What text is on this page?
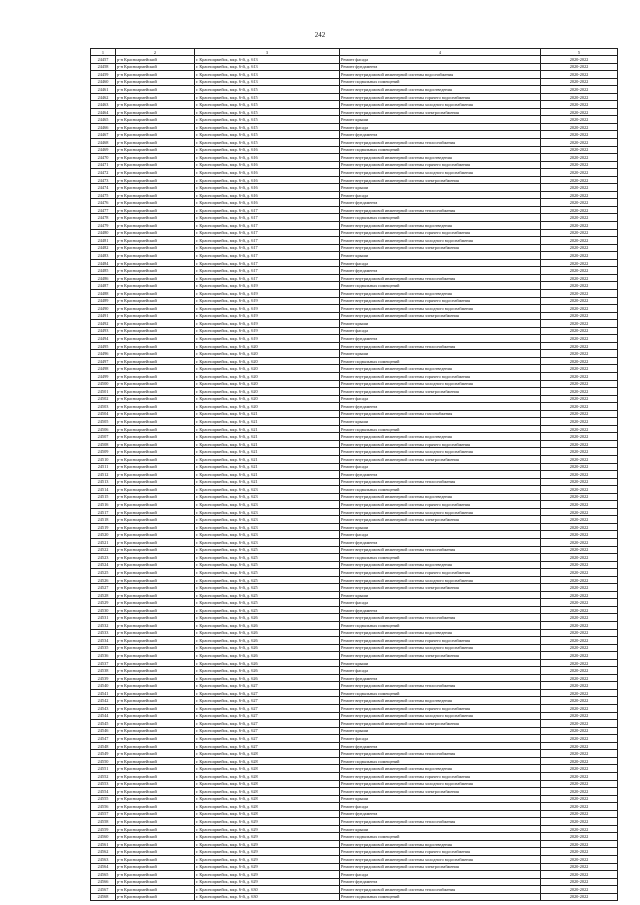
242
1	2	3	4	5
24457	р-н Красноармейский	г. Красноармейск, мкр. 6-й, д. 613	Ремонт фасада	2020-2022
24458	р-н Красноармейский	г. Красноармейск, мкр. 6-й, д. 613	Ремонт фундамента	2020-2022
24459	р-н Красноармейский	г. Красноармейск, мкр. 6-й, д. 613	Ремонт внутридомовой инженерной системы водоснабжения	2020-2022
24460	р-н Красноармейский	г. Красноармейск, мкр. 6-й, д. 613	Ремонт подвальных помещений	2020-2022
24461	р-н Красноармейский	г. Красноармейск, мкр. 6-й, д. 615	Ремонт внутридомовой инженерной системы водоотведения	2020-2022
24462	р-н Красноармейский	г. Красноармейск, мкр. 6-й, д. 615	Ремонт внутридомовой инженерной системы горячего водоснабжения	2020-2022
24463	р-н Красноармейский	г. Красноармейск, мкр. 6-й, д. 615	Ремонт внутридомовой инженерной системы холодного водоснабжения	2020-2022
24464	р-н Красноармейский	г. Красноармейск, мкр. 6-й, д. 615	Ремонт внутридомовой инженерной системы электроснабжения	2020-2022
24465	р-н Красноармейский	г. Красноармейск, мкр. 6-й, д. 615	Ремонт крыши	2020-2022
24466	р-н Красноармейский	г. Красноармейск, мкр. 6-й, д. 615	Ремонт фасада	2020-2022
24467	р-н Красноармейский	г. Красноармейск, мкр. 6-й, д. 615	Ремонт фундамента	2020-2022
24468	р-н Красноармейский	г. Красноармейск, мкр. 6-й, д. 615	Ремонт внутридомовой инженерной системы теплоснабжения	2020-2022
24469	р-н Красноармейский	г. Красноармейск, мкр. 6-й, д. 616	Ремонт подвальных помещений	2020-2022
24470	р-н Красноармейский	г. Красноармейск, мкр. 6-й, д. 616	Ремонт внутридомовой инженерной системы водоотведения	2020-2022
24471	р-н Красноармейский	г. Красноармейск, мкр. 6-й, д. 616	Ремонт внутридомовой инженерной системы горячего водоснабжения	2020-2022
24472	р-н Красноармейский	г. Красноармейск, мкр. 6-й, д. 616	Ремонт внутридомовой инженерной системы холодного водоснабжения	2020-2022
24473	р-н Красноармейский	г. Красноармейск, мкр. 6-й, д. 616	Ремонт внутридомовой инженерной системы электроснабжения	2020-2022
24474	р-н Красноармейский	г. Красноармейск, мкр. 6-й, д. 616	Ремонт крыши	2020-2022
24475	р-н Красноармейский	г. Красноармейск, мкр. 6-й, д. 616	Ремонт фасада	2020-2022
24476	р-н Красноармейский	г. Красноармейск, мкр. 6-й, д. 616	Ремонт фундамента	2020-2022
24477	р-н Красноармейский	г. Красноармейск, мкр. 6-й, д. 617	Ремонт внутридомовой инженерной системы теплоснабжения	2020-2022
24478	р-н Красноармейский	г. Красноармейск, мкр. 6-й, д. 617	Ремонт подвальных помещений	2020-2022
24479	р-н Красноармейский	г. Красноармейск, мкр. 6-й, д. 617	Ремонт внутридомовой инженерной системы водоотведения	2020-2022
24480	р-н Красноармейский	г. Красноармейск, мкр. 6-й, д. 617	Ремонт внутридомовой инженерной системы горячего водоснабжения	2020-2022
24481	р-н Красноармейский	г. Красноармейск, мкр. 6-й, д. 617	Ремонт внутридомовой инженерной системы холодного водоснабжения	2020-2022
24482	р-н Красноармейский	г. Красноармейск, мкр. 6-й, д. 617	Ремонт внутридомовой инженерной системы электроснабжения	2020-2022
24483	р-н Красноармейский	г. Красноармейск, мкр. 6-й, д. 617	Ремонт крыши	2020-2022
24484	р-н Красноармейский	г. Красноармейск, мкр. 6-й, д. 617	Ремонт фасада	2020-2022
24485	р-н Красноармейский	г. Красноармейск, мкр. 6-й, д. 617	Ремонт фундамента	2020-2022
24486	р-н Красноармейский	г. Красноармейск, мкр. 6-й, д. 617	Ремонт внутридомовой инженерной системы теплоснабжения	2020-2022
24487	р-н Красноармейский	г. Красноармейск, мкр. 6-й, д. 619	Ремонт подвальных помещений	2020-2022
24488	р-н Красноармейский	г. Красноармейск, мкр. 6-й, д. 619	Ремонт внутридомовой инженерной системы водоотведения	2020-2022
24489	р-н Красноармейский	г. Красноармейск, мкр. 6-й, д. 619	Ремонт внутридомовой инженерной системы горячего водоснабжения	2020-2022
24490	р-н Красноармейский	г. Красноармейск, мкр. 6-й, д. 619	Ремонт внутридомовой инженерной системы холодного водоснабжения	2020-2022
24491	р-н Красноармейский	г. Красноармейск, мкр. 6-й, д. 619	Ремонт внутридомовой инженерной системы электроснабжения	2020-2022
24492	р-н Красноармейский	г. Красноармейск, мкр. 6-й, д. 619	Ремонт крыши	2020-2022
24493	р-н Красноармейский	г. Красноармейск, мкр. 6-й, д. 619	Ремонт фасада	2020-2022
24494	р-н Красноармейский	г. Красноармейск, мкр. 6-й, д. 619	Ремонт фундамента	2020-2022
24495	р-н Красноармейский	г. Красноармейск, мкр. 6-й, д. 620	Ремонт внутридомовой инженерной системы теплоснабжения	2020-2022
24496	р-н Красноармейский	г. Красноармейск, мкр. 6-й, д. 620	Ремонт крыши	2020-2022
24497	р-н Красноармейский	г. Красноармейск, мкр. 6-й, д. 620	Ремонт подвальных помещений	2020-2022
24498	р-н Красноармейский	г. Красноармейск, мкр. 6-й, д. 620	Ремонт внутридомовой инженерной системы водоотведения	2020-2022
24499	р-н Красноармейский	г. Красноармейск, мкр. 6-й, д. 620	Ремонт внутридомовой инженерной системы горячего водоснабжения	2020-2022
24500	р-н Красноармейский	г. Красноармейск, мкр. 6-й, д. 620	Ремонт внутридомовой инженерной системы холодного водоснабжения	2020-2022
24501	р-н Красноармейский	г. Красноармейск, мкр. 6-й, д. 620	Ремонт внутридомовой инженерной системы электроснабжения	2020-2022
24502	р-н Красноармейский	г. Красноармейск, мкр. 6-й, д. 620	Ремонт фасада	2020-2022
24503	р-н Красноармейский	г. Красноармейск, мкр. 6-й, д. 620	Ремонт фундамента	2020-2022
24504	р-н Красноармейский	г. Красноармейск, мкр. 6-й, д. 621	Ремонт внутридомовой инженерной системы газоснабжения	2020-2022
24505	р-н Красноармейский	г. Красноармейск, мкр. 6-й, д. 621	Ремонт крыши	2020-2022
24506	р-н Красноармейский	г. Красноармейск, мкр. 6-й, д. 621	Ремонт подвальных помещений	2020-2022
24507	р-н Красноармейский	г. Красноармейск, мкр. 6-й, д. 621	Ремонт внутридомовой инженерной системы водоотведения	2020-2022
24508	р-н Красноармейский	г. Красноармейск, мкр. 6-й, д. 621	Ремонт внутридомовой инженерной системы горячего водоснабжения	2020-2022
24509	р-н Красноармейский	г. Красноармейск, мкр. 6-й, д. 621	Ремонт внутридомовой инженерной системы холодного водоснабжения	2020-2022
24510	р-н Красноармейский	г. Красноармейск, мкр. 6-й, д. 621	Ремонт внутридомовой инженерной системы электроснабжения	2020-2022
24511	р-н Красноармейский	г. Красноармейск, мкр. 6-й, д. 621	Ремонт фасада	2020-2022
24512	р-н Красноармейский	г. Красноармейск, мкр. 6-й, д. 621	Ремонт фундамента	2020-2022
24513	р-н Красноармейский	г. Красноармейск, мкр. 6-й, д. 621	Ремонт внутридомовой инженерной системы теплоснабжения	2020-2022
24514	р-н Красноармейский	г. Красноармейск, мкр. 6-й, д. 623	Ремонт подвальных помещений	2020-2022
24515	р-н Красноармейский	г. Красноармейск, мкр. 6-й, д. 623	Ремонт внутридомовой инженерной системы водоотведения	2020-2022
24516	р-н Красноармейский	г. Красноармейск, мкр. 6-й, д. 623	Ремонт внутридомовой инженерной системы горячего водоснабжения	2020-2022
24517	р-н Красноармейский	г. Красноармейск, мкр. 6-й, д. 623	Ремонт внутридомовой инженерной системы холодного водоснабжения	2020-2022
24518	р-н Красноармейский	г. Красноармейск, мкр. 6-й, д. 623	Ремонт внутридомовой инженерной системы электроснабжения	2020-2022
24519	р-н Красноармейский	г. Красноармейск, мкр. 6-й, д. 623	Ремонт крыши	2020-2022
24520	р-н Красноармейский	г. Красноармейск, мкр. 6-й, д. 623	Ремонт фасада	2020-2022
24521	р-н Красноармейский	г. Красноармейск, мкр. 6-й, д. 623	Ремонт фундамента	2020-2022
24522	р-н Красноармейский	г. Красноармейск, мкр. 6-й, д. 625	Ремонт внутридомовой инженерной системы теплоснабжения	2020-2022
24523	р-н Красноармейский	г. Красноармейск, мкр. 6-й, д. 625	Ремонт подвальных помещений	2020-2022
24524	р-н Красноармейский	г. Красноармейск, мкр. 6-й, д. 625	Ремонт внутридомовой инженерной системы водоотведения	2020-2022
24525	р-н Красноармейский	г. Красноармейск, мкр. 6-й, д. 625	Ремонт внутридомовой инженерной системы горячего водоснабжения	2020-2022
24526	р-н Красноармейский	г. Красноармейск, мкр. 6-й, д. 625	Ремонт внутридомовой инженерной системы холодного водоснабжения	2020-2022
24527	р-н Красноармейский	г. Красноармейск, мкр. 6-й, д. 625	Ремонт внутридомовой инженерной системы электроснабжения	2020-2022
24528	р-н Красноармейский	г. Красноармейск, мкр. 6-й, д. 625	Ремонт крыши	2020-2022
24529	р-н Красноармейский	г. Красноармейск, мкр. 6-й, д. 625	Ремонт фасада	2020-2022
24530	р-н Красноармейский	г. Красноармейск, мкр. 6-й, д. 625	Ремонт фундамента	2020-2022
24531	р-н Красноармейский	г. Красноармейск, мкр. 6-й, д. 626	Ремонт внутридомовой инженерной системы теплоснабжения	2020-2022
24532	р-н Красноармейский	г. Красноармейск, мкр. 6-й, д. 626	Ремонт подвальных помещений	2020-2022
24533	р-н Красноармейский	г. Красноармейск, мкр. 6-й, д. 626	Ремонт внутридомовой инженерной системы водоотведения	2020-2022
24534	р-н Красноармейский	г. Красноармейск, мкр. 6-й, д. 626	Ремонт внутридомовой инженерной системы горячего водоснабжения	2020-2022
24535	р-н Красноармейский	г. Красноармейск, мкр. 6-й, д. 626	Ремонт внутридомовой инженерной системы холодного водоснабжения	2020-2022
24536	р-н Красноармейский	г. Красноармейск, мкр. 6-й, д. 626	Ремонт внутридомовой инженерной системы электроснабжения	2020-2022
24537	р-н Красноармейский	г. Красноармейск, мкр. 6-й, д. 626	Ремонт крыши	2020-2022
24538	р-н Красноармейский	г. Красноармейск, мкр. 6-й, д. 626	Ремонт фасада	2020-2022
24539	р-н Красноармейский	г. Красноармейск, мкр. 6-й, д. 626	Ремонт фундамента	2020-2022
24540	р-н Красноармейский	г. Красноармейск, мкр. 6-й, д. 627	Ремонт внутридомовой инженерной системы теплоснабжения	2020-2022
24541	р-н Красноармейский	г. Красноармейск, мкр. 6-й, д. 627	Ремонт подвальных помещений	2020-2022
24542	р-н Красноармейский	г. Красноармейск, мкр. 6-й, д. 627	Ремонт внутридомовой инженерной системы водоотведения	2020-2022
24543	р-н Красноармейский	г. Красноармейск, мкр. 6-й, д. 627	Ремонт внутридомовой инженерной системы горячего водоснабжения	2020-2022
24544	р-н Красноармейский	г. Красноармейск, мкр. 6-й, д. 627	Ремонт внутридомовой инженерной системы холодного водоснабжения	2020-2022
24545	р-н Красноармейский	г. Красноармейск, мкр. 6-й, д. 627	Ремонт внутридомовой инженерной системы электроснабжения	2020-2022
24546	р-н Красноармейский	г. Красноармейск, мкр. 6-й, д. 627	Ремонт крыши	2020-2022
24547	р-н Красноармейский	г. Красноармейск, мкр. 6-й, д. 627	Ремонт фасада	2020-2022
24548	р-н Красноармейский	г. Красноармейск, мкр. 6-й, д. 627	Ремонт фундамента	2020-2022
24549	р-н Красноармейский	г. Красноармейск, мкр. 6-й, д. 628	Ремонт внутридомовой инженерной системы теплоснабжения	2020-2022
24550	р-н Красноармейский	г. Красноармейск, мкр. 6-й, д. 628	Ремонт подвальных помещений	2020-2022
24551	р-н Красноармейский	г. Красноармейск, мкр. 6-й, д. 628	Ремонт внутридомовой инженерной системы водоотведения	2020-2022
24552	р-н Красноармейский	г. Красноармейск, мкр. 6-й, д. 628	Ремонт внутридомовой инженерной системы горячего водоснабжения	2020-2022
24553	р-н Красноармейский	г. Красноармейск, мкр. 6-й, д. 628	Ремонт внутридомовой инженерной системы холодного водоснабжения	2020-2022
24554	р-н Красноармейский	г. Красноармейск, мкр. 6-й, д. 628	Ремонт внутридомовой инженерной системы электроснабжения	2020-2022
24555	р-н Красноармейский	г. Красноармейск, мкр. 6-й, д. 628	Ремонт крыши	2020-2022
24556	р-н Красноармейский	г. Красноармейск, мкр. 6-й, д. 628	Ремонт фасада	2020-2022
24557	р-н Красноармейский	г. Красноармейск, мкр. 6-й, д. 628	Ремонт фундамента	2020-2022
24558	р-н Красноармейский	г. Красноармейск, мкр. 6-й, д. 629	Ремонт внутридомовой инженерной системы теплоснабжения	2020-2022
24559	р-н Красноармейский	г. Красноармейск, мкр. 6-й, д. 629	Ремонт крыши	2020-2022
24560	р-н Красноармейский	г. Красноармейск, мкр. 6-й, д. 629	Ремонт подвальных помещений	2020-2022
24561	р-н Красноармейский	г. Красноармейск, мкр. 6-й, д. 629	Ремонт внутридомовой инженерной системы водоотведения	2020-2022
24562	р-н Красноармейский	г. Красноармейск, мкр. 6-й, д. 629	Ремонт внутридомовой инженерной системы горячего водоснабжения	2020-2022
24563	р-н Красноармейский	г. Красноармейск, мкр. 6-й, д. 629	Ремонт внутридомовой инженерной системы холодного водоснабжения	2020-2022
24564	р-н Красноармейский	г. Красноармейск, мкр. 6-й, д. 629	Ремонт внутридомовой инженерной системы электроснабжения	2020-2022
24565	р-н Красноармейский	г. Красноармейск, мкр. 6-й, д. 629	Ремонт фасада	2020-2022
24566	р-н Красноармейский	г. Красноармейск, мкр. 6-й, д. 629	Ремонт фундамента	2020-2022
24567	р-н Красноармейский	г. Красноармейск, мкр. 6-й, д. 630	Ремонт внутридомовой инженерной системы теплоснабжения	2020-2022
24568	р-н Красноармейский	г. Красноармейск, мкр. 6-й, д. 630	Ремонт подвальных помещений	2020-2022
